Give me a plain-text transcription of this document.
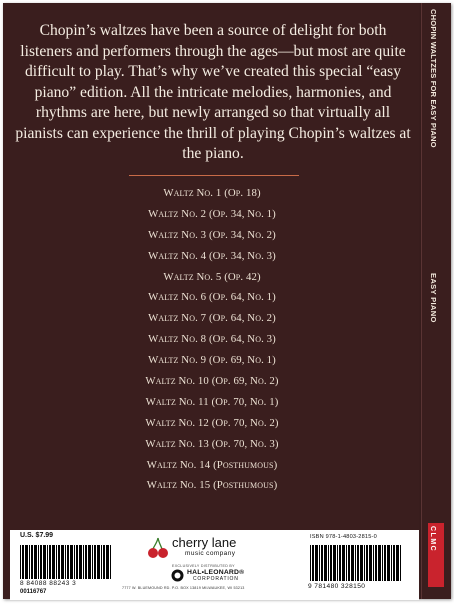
Chopin’s waltzes have been a source of delight for both listeners and performers through the ages—but most are quite difficult to play. That’s why we’ve created this special “easy piano” edition. All the intricate melodies, harmonies, and rhythms are here, but newly arranged so that virtually all pianists can experience the thrill of playing Chopin’s waltzes at the piano.

Waltz No. 1 (Op. 18)
Waltz No. 2 (Op. 34, No. 1)
Waltz No. 3 (Op. 34, No. 2)
Waltz No. 4 (Op. 34, No. 3)
Waltz No. 5 (Op. 42)
Waltz No. 6 (Op. 64, No. 1)
Waltz No. 7 (Op. 64, No. 2)
Waltz No. 8 (Op. 64, No. 3)
Waltz No. 9 (Op. 69, No. 1)
Waltz No. 10 (Op. 69, No. 2)
Waltz No. 11 (Op. 70, No. 1)
Waltz No. 12 (Op. 70, No. 2)
Waltz No. 13 (Op. 70, No. 3)
Waltz No. 14 (Posthumous)
Waltz No. 15 (Posthumous)
U.S. $7.99
8 84088 88243 3
00116767
cherry lane
music company
EXCLUSIVELY DISTRIBUTED BY
HAL•LEONARD®
CORPORATION
7777 W. BLUEMOUND RD. P.O. BOX 13819 MILWAUKEE, WI 53213
ISBN 978-1-4803-2815-0
9 781480 328150
CHOPIN WALTZES FOR EASY PIANO
EASY PIANO
CLMC
